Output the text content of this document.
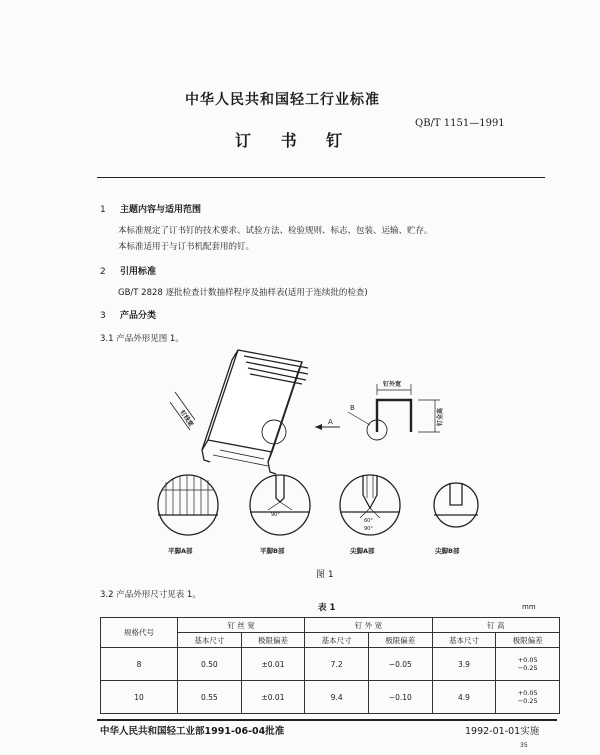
中华人民共和国轻工行业标准
QB/T 1151—1991
订 书 钉
1 主题内容与适用范围
本标准规定了订书钉的技术要求、试验方法、检验规则、标志、包装、运输、贮存。
本标准适用于与订书机配套用的钉。
2 引用标准
GB/T 2828 逐批检查计数抽样程序及抽样表(适用于连续批的检查)
3 产品分类
3.1 产品外形见图 1。
钉线宽
钉外宽
钉全高
B
A
90°
60°
90°
平脚A部	平脚B部	尖脚A部	尖脚B部
图 1
3.2 产品外形尺寸见表 1。
表 1	mm
规格代号	钉 丝 宽		钉 外 宽		钉 高	
	基本尺寸	极限偏差	基本尺寸	极限偏差	基本尺寸	极限偏差
8	0.50	±0.01	7.2	−0.05	3.9	+0.05
−0.25

10	0.55	±0.01	9.4	−0.10	4.9	+0.05
−0.25
中华人民共和国轻工业部1991-06-04批准	1992-01-01实施
35
